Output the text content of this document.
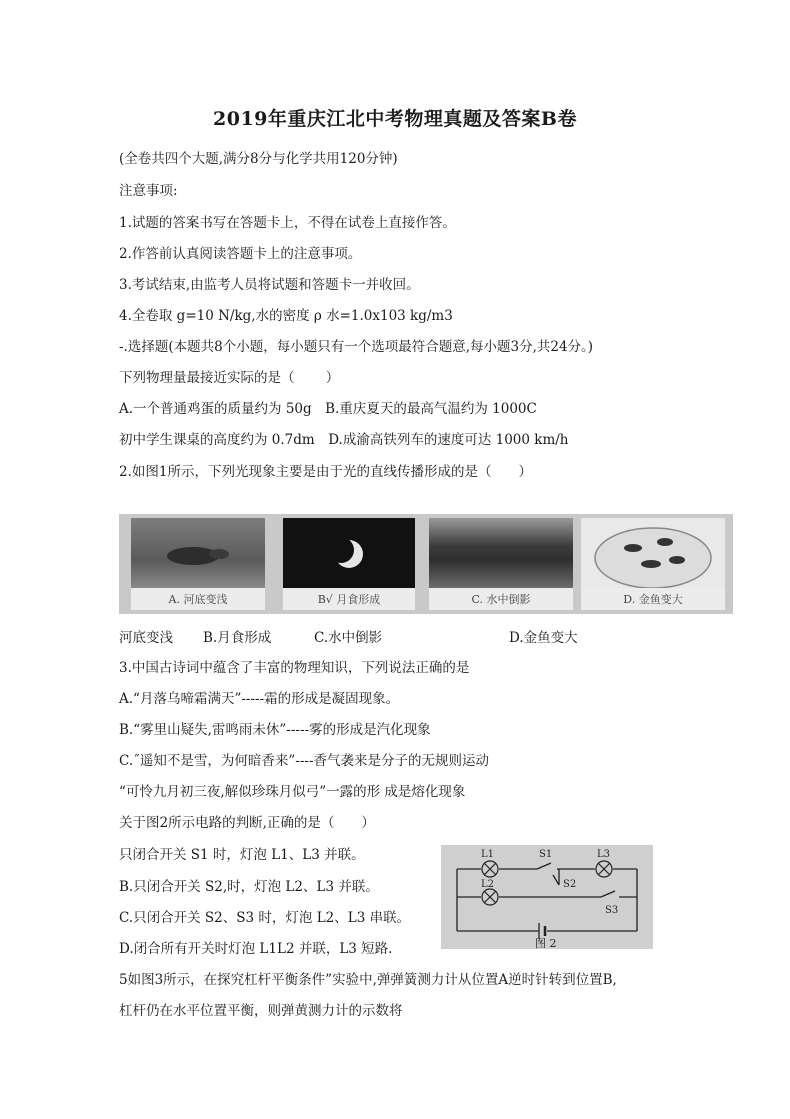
2019年重庆江北中考物理真题及答案B卷
(全卷共四个大题,满分8分与化学共用120分钟)
注意事项:
1.试题的答案书写在答题卡上，不得在试卷上直接作答。
2.作答前认真阅读答题卡上的注意事项。
3.考试结束,由监考人员将试题和答题卡一并收回。
4.全卷取 g=10 N/kg,水的密度 ρ 水=1.0x103 kg/m3
-.选择题(本题共8个小题，每小题只有一个选项最符合题意,每小题3分,共24分。)
下列物理量最接近实际的是（　　 ）
A.一个普通鸡蛋的质量约为 50g　B.重庆夏天的最高气温约为 1000C
初中学生课桌的高度约为 0.7dm　D.成渝高铁列车的速度可达 1000 km/h
2.如图1所示，下列光现象主要是由于光的直线传播形成的是（　　）
A. 河底变浅	B√ 月食形成	C. 水中倒影	D. 金鱼变大
河底变浅 B.月食形成	C.水中倒影	D.金鱼变大
3.中国古诗词中蕴含了丰富的物理知识，下列说法正确的是
A.“月落乌啼霜满天”-----霜的形成是凝固现象。
B.“雾里山疑失,雷鸣雨未休”-----雾的形成是汽化现象
C.˝遥知不是雪，为何暗香来”----香气袭来是分子的无规则运动
“可怜九月初三夜,解似珍珠月似弓”一露的形 成是熔化现象
关于图2所示电路的判断,正确的是（　　）
只闭合开关 S1 时，灯泡 L1、L3 并联。
B.只闭合开关 S2,时，灯泡 L2、L3 并联。
C.只闭合开关 S2、S3 时，灯泡 L2、L3 串联。
D.闭合所有开关时灯泡 L1L2 并联，L3 短路.
5如图3所示，在探究杠杆平衡条件”实验中,弹弹簧测力计从位置A逆时针转到位置B,
杠杆仍在水平位置平衡，则弹黄测力计的示数将
L1	S1	L3
L2	S2
S3
图 2
